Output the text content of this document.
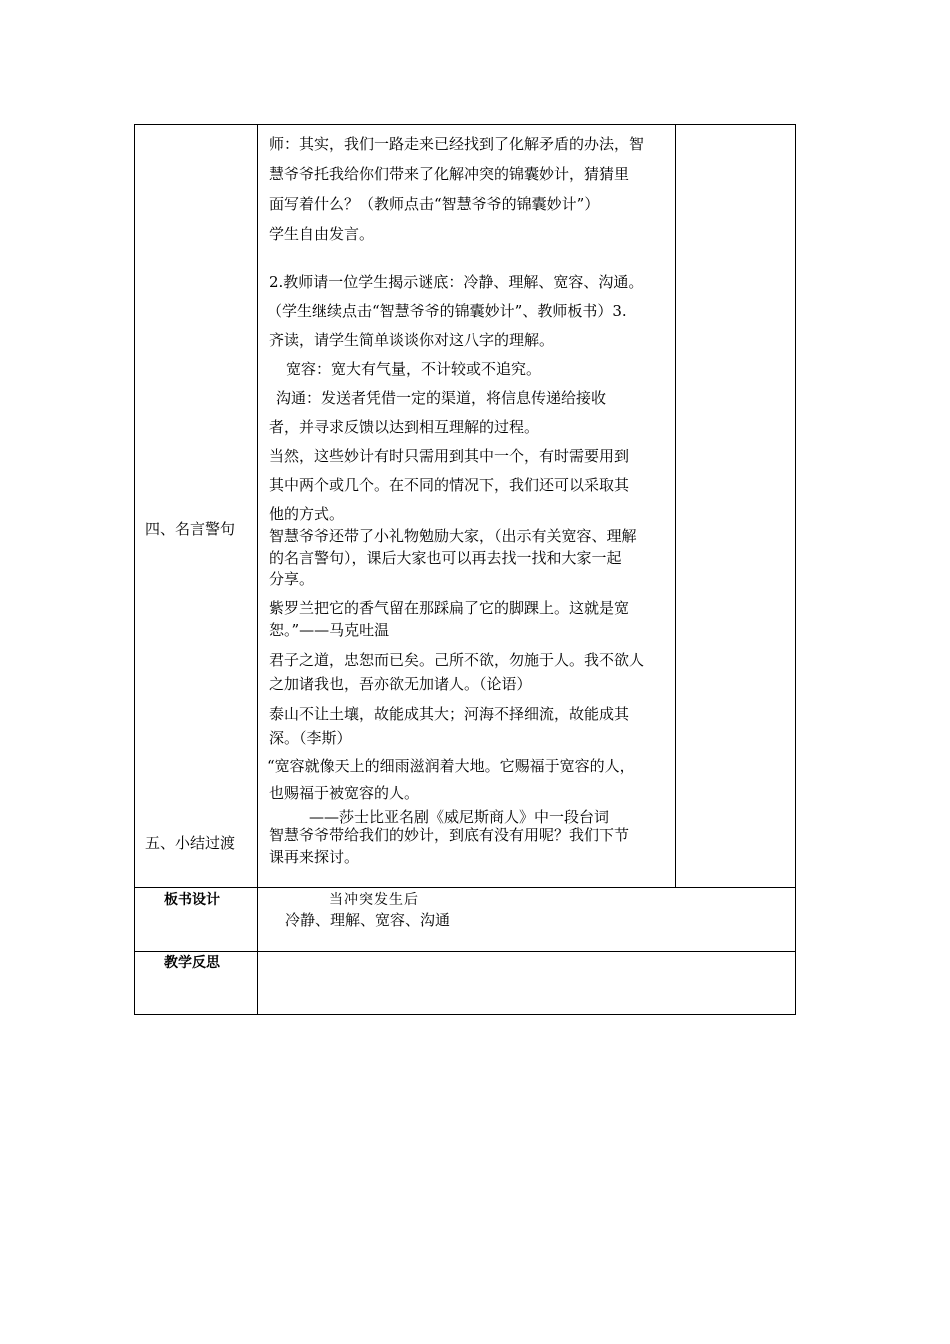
四、名言警句
五、小结过渡
板书设计
教学反思
师：其实，我们一路走来已经找到了化解矛盾的办法，智
慧爷爷托我给你们带来了化解冲突的锦囊妙计，猜猜里
面写着什么？（教师点击“智慧爷爷的锦囊妙计”）
学生自由发言。
2.教师请一位学生揭示谜底：冷静、理解、宽容、沟通。
（学生继续点击“智慧爷爷的锦囊妙计”、教师板书）3.
齐读，请学生简单谈谈你对这八字的理解。
宽容：宽大有气量，不计较或不追究。
沟通：发送者凭借一定的渠道，将信息传递给接收
者，并寻求反馈以达到相互理解的过程。
当然，这些妙计有时只需用到其中一个，有时需要用到
其中两个或几个。在不同的情况下，我们还可以采取其
他的方式。
智慧爷爷还带了小礼物勉励大家，（出示有关宽容、理解
的名言警句），课后大家也可以再去找一找和大家一起
分享。
紫罗兰把它的香气留在那踩扁了它的脚踝上。这就是宽
恕。”——马克吐温
君子之道，忠恕而已矣。己所不欲，勿施于人。我不欲人
之加诸我也，吾亦欲无加诸人。（论语）
泰山不让土壤，故能成其大；河海不择细流，故能成其
深。（李斯）
“宽容就像天上的细雨滋润着大地。它赐福于宽容的人，
也赐福于被宽容的人。
——莎士比亚名剧《威尼斯商人》中一段台词
智慧爷爷带给我们的妙计，到底有没有用呢？我们下节
课再来探讨。
当冲突发生后
冷静、理解、宽容、沟通
